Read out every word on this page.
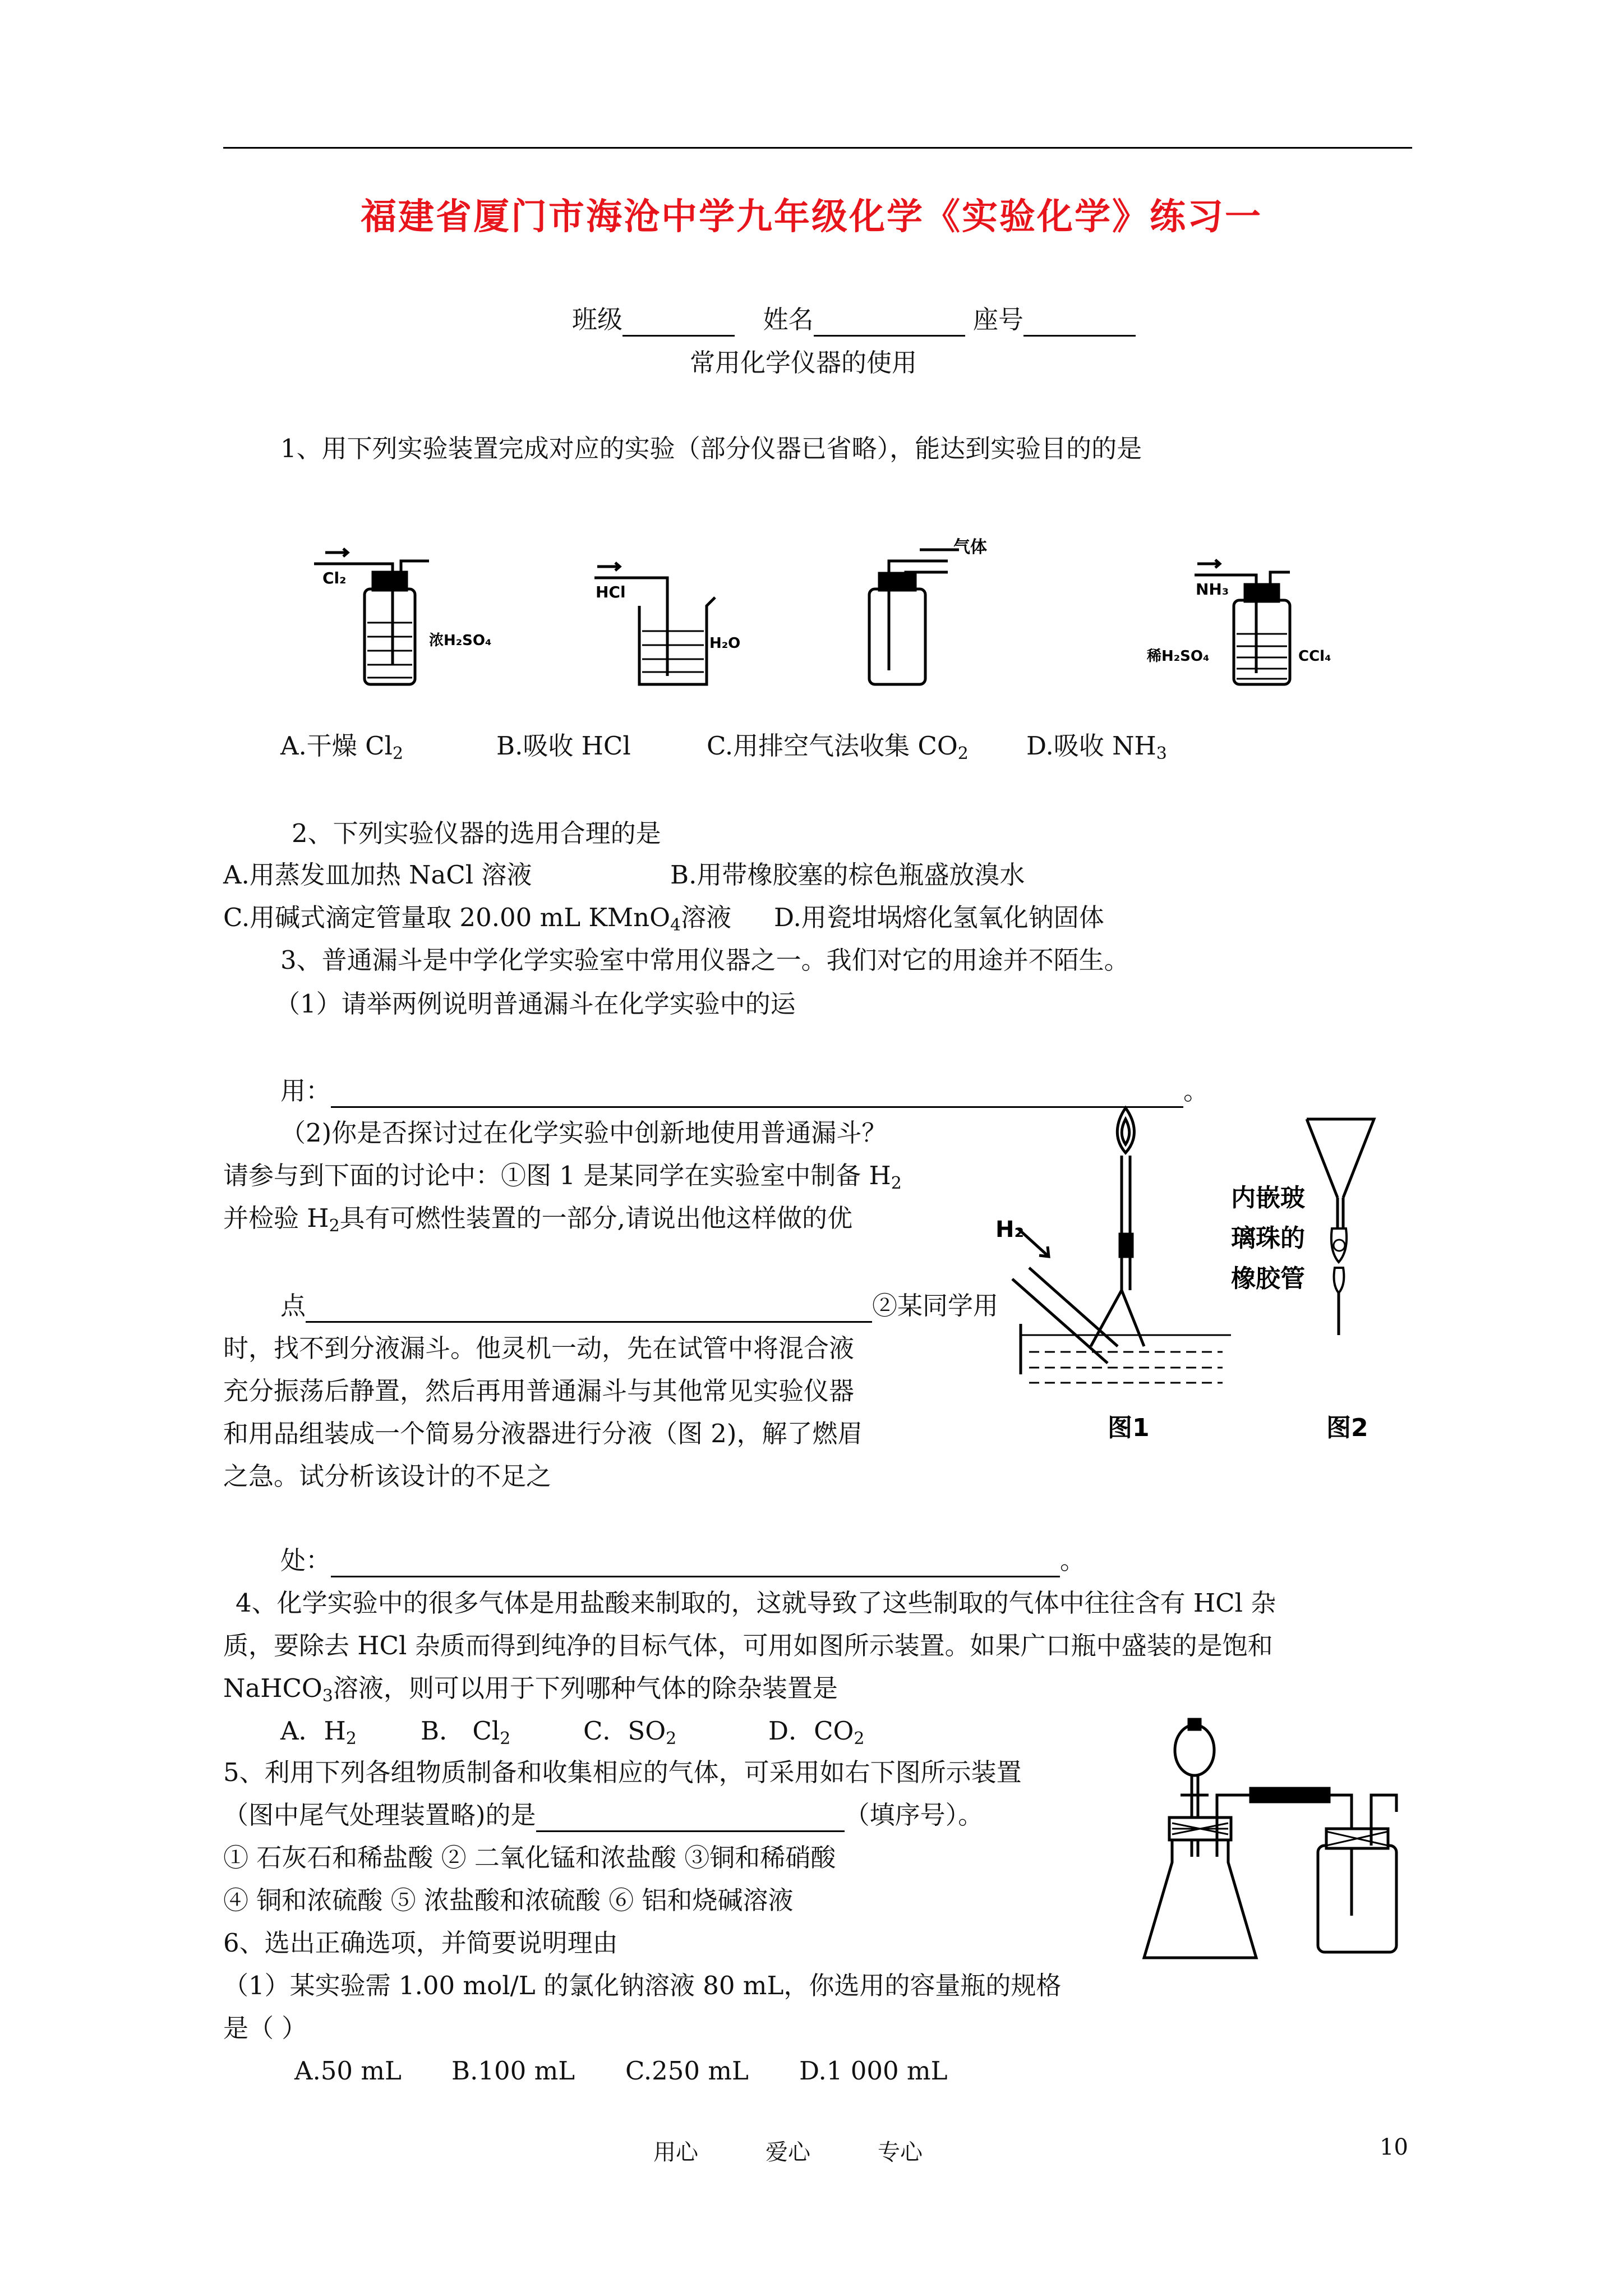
福建省厦门市海沧中学九年级化学《实验化学》练习一
班级	姓名	座号
常用化学仪器的使用
1、用下列实验装置完成对应的实验（部分仪器已省略），能达到实验目的的是
Cl₂
浓H₂SO₄
HCl
H₂O
气体
NH₃
稀H₂SO₄	CCl₄
A.干燥 $Cl_2$	B.吸收 HCl	C.用排空气法收集 $CO_2$ D.吸收 $NH_3$
2、下列实验仪器的选用合理的是
A.用蒸发皿加热 NaCl 溶液	B.用带橡胶塞的棕色瓶盛放溴水
C.用碱式滴定管量取 20.00 mL KMnO$_4$溶液 D.用瓷坩埚熔化氢氧化钠固体
3、普通漏斗是中学化学实验室中常用仪器之一。我们对它的用途并不陌生。
（1）请举两例说明普通漏斗在化学实验中的运
用：	。
（2)你是否探讨过在化学实验中创新地使用普通漏斗？
请参与到下面的讨论中：①图 1 是某同学在实验室中制备 $H_2$
并检验 $H_2$具有可燃性装置的一部分,请说出他这样做的优
点	②某同学用
时，找不到分液漏斗。他灵机一动，先在试管中将混合液
充分振荡后静置，然后再用普通漏斗与其他常见实验仪器
和用品组装成一个简易分液器进行分液（图 2)，解了燃眉
之急。试分析该设计的不足之
处：	。
H₂
图1
内嵌玻
璃珠的
橡胶管
图2
4、化学实验中的很多气体是用盐酸来制取的，这就导致了这些制取的气体中往往含有 HCl 杂
质，要除去 HCl 杂质而得到纯净的目标气体，可用如图所示装置。如果广口瓶中盛装的是饱和
NaHCO$_3$溶液，则可以用于下列哪种气体的除杂装置是
A．$H_2$	B． $Cl_2$	C．$SO_2$	D．$CO_2$
5、利用下列各组物质制备和收集相应的气体，可采用如右下图所示装置
（图中尾气处理装置略)的是	（填序号）。
① 石灰石和稀盐酸 ② 二氧化锰和浓盐酸 ③铜和稀硝酸
④ 铜和浓硫酸 ⑤ 浓盐酸和浓硫酸 ⑥ 铝和烧碱溶液
6、选出正确选项，并简要说明理由
（1）某实验需 1.00 mol/L 的氯化钠溶液 80 mL，你选用的容量瓶的规格
是（ ）
A.50 mL B.100 mL C.250 mL D.1 000 mL
用心	爱心	专心	10
